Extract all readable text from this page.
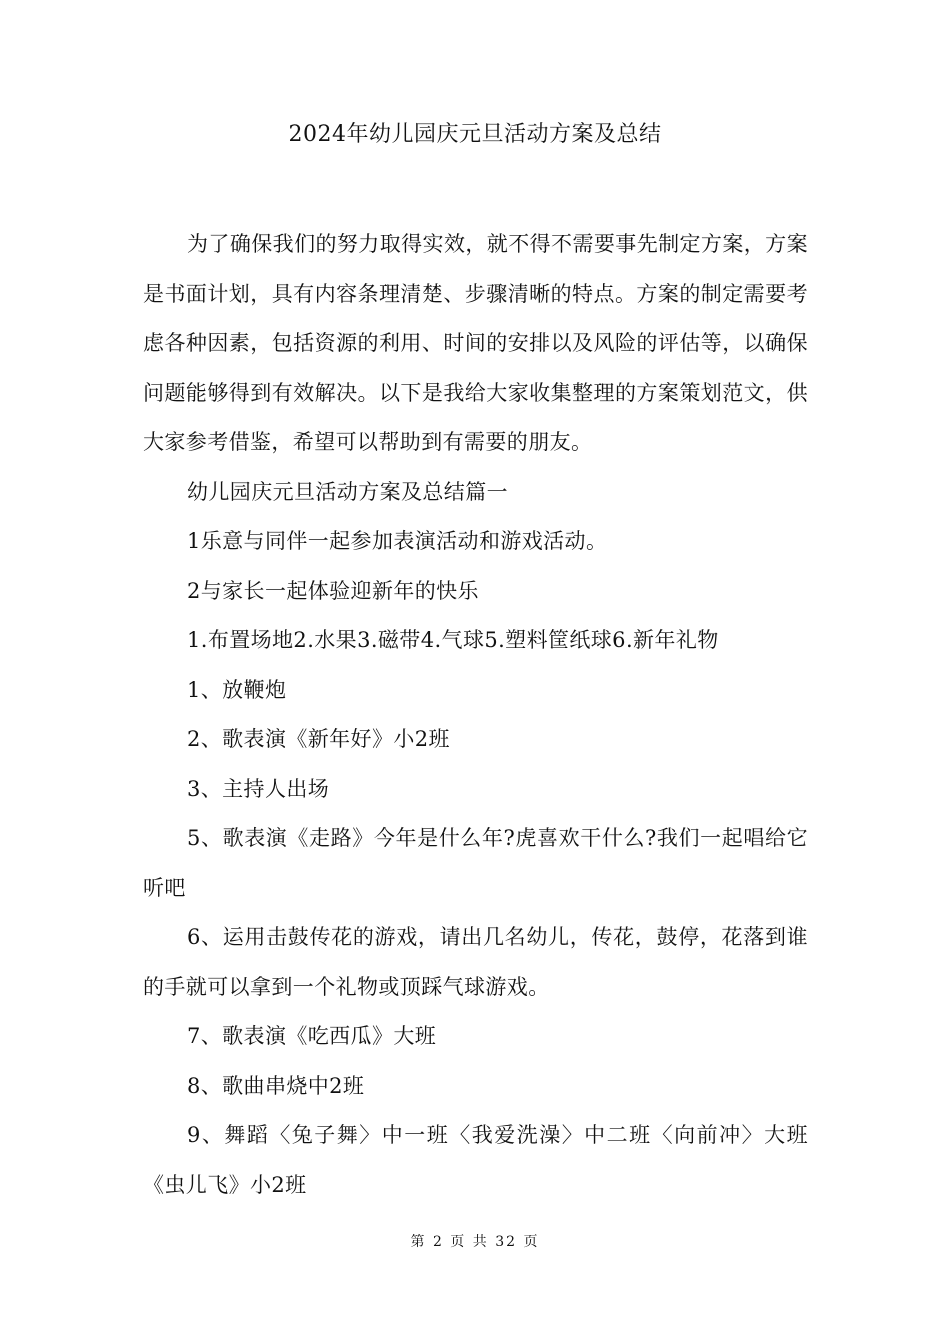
2024年幼儿园庆元旦活动方案及总结

为了确保我们的努力取得实效，就不得不需要事先制定方案，方案是书面计划，具有内容条理清楚、步骤清晰的特点。方案的制定需要考虑各种因素，包括资源的利用、时间的安排以及风险的评估等，以确保问题能够得到有效解决。以下是我给大家收集整理的方案策划范文，供大家参考借鉴，希望可以帮助到有需要的朋友。

幼儿园庆元旦活动方案及总结篇一

1乐意与同伴一起参加表演活动和游戏活动。

2与家长一起体验迎新年的快乐

1.布置场地2.水果3.磁带4.气球5.塑料筐纸球6.新年礼物

1、放鞭炮

2、歌表演《新年好》小2班

3、主持人出场

5、歌表演《走路》今年是什么年?虎喜欢干什么?我们一起唱给它听吧

6、运用击鼓传花的游戏，请出几名幼儿，传花，鼓停，花落到谁的手就可以拿到一个礼物或顶踩气球游戏。

7、歌表演《吃西瓜》大班

8、歌曲串烧中2班

9、舞蹈〈兔子舞〉中一班〈我爱洗澡〉中二班〈向前冲〉大班《虫儿飞》小2班

第 2 页 共 32 页
